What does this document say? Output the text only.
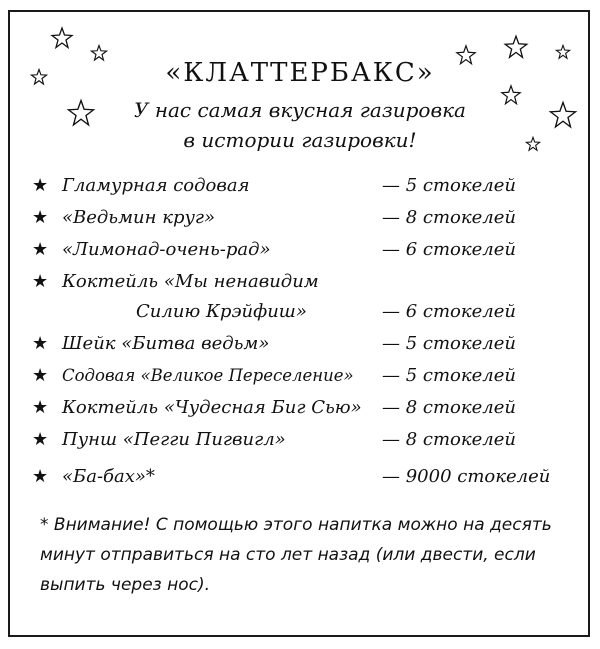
«КЛАТТЕРБАКС»
У нас самая вкусная газировка
в истории газировки!
★ Гламурная содовая	— 5 стокелей
★ «Ведьмин круг»	— 8 стокелей
★ «Лимонад-очень-рад»	— 6 стокелей
★ Коктейль «Мы ненавидим
Силию Крэйфиш»	— 6 стокелей
★ Шейк «Битва ведьм»	— 5 стокелей
★ Содовая «Великое Переселение» — 5 стокелей
★ Коктейль «Чудесная Биг Сью» — 8 стокелей
★ Пунш «Пегги Пигвигл»	— 8 стокелей
★ «Ба-бах»*	— 9000 стокелей
* Внимание! С помощью этого напитка можно на десять минут отправиться на сто лет назад (или двести, если выпить через нос).
